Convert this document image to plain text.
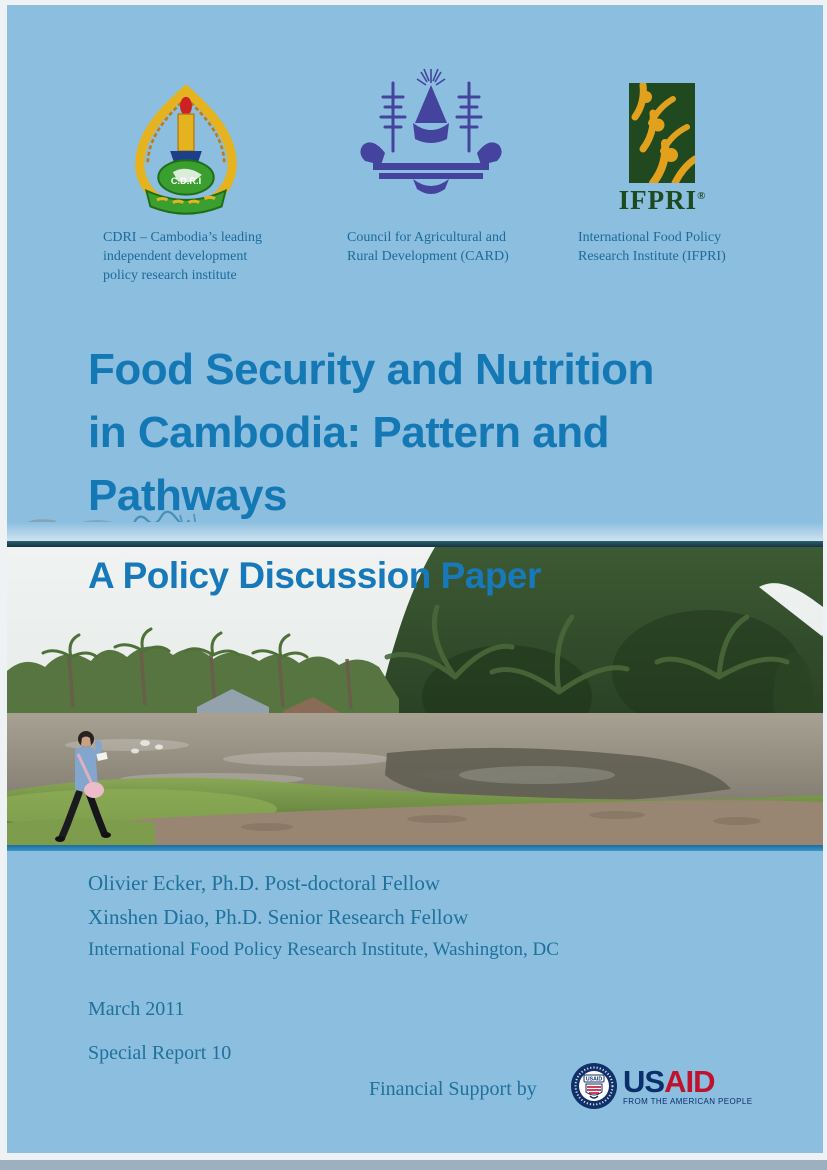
C.D.R.I
CDRI – Cambodia’s leading
independent development
policy research institute
Council for Agricultural and
Rural Development (CARD)
IFPRI®
International Food Policy
Research Institute (IFPRI)
Food Security and Nutrition
in Cambodia: Pattern and
Pathways
A Policy Discussion Paper
Olivier Ecker, Ph.D. Post-doctoral Fellow
Xinshen Diao, Ph.D. Senior Research Fellow
International Food Policy Research Institute, Washington, DC
March 2011
Special Report 10
Financial Support by	USAID USAID
FROM THE AMERICAN PEOPLE
